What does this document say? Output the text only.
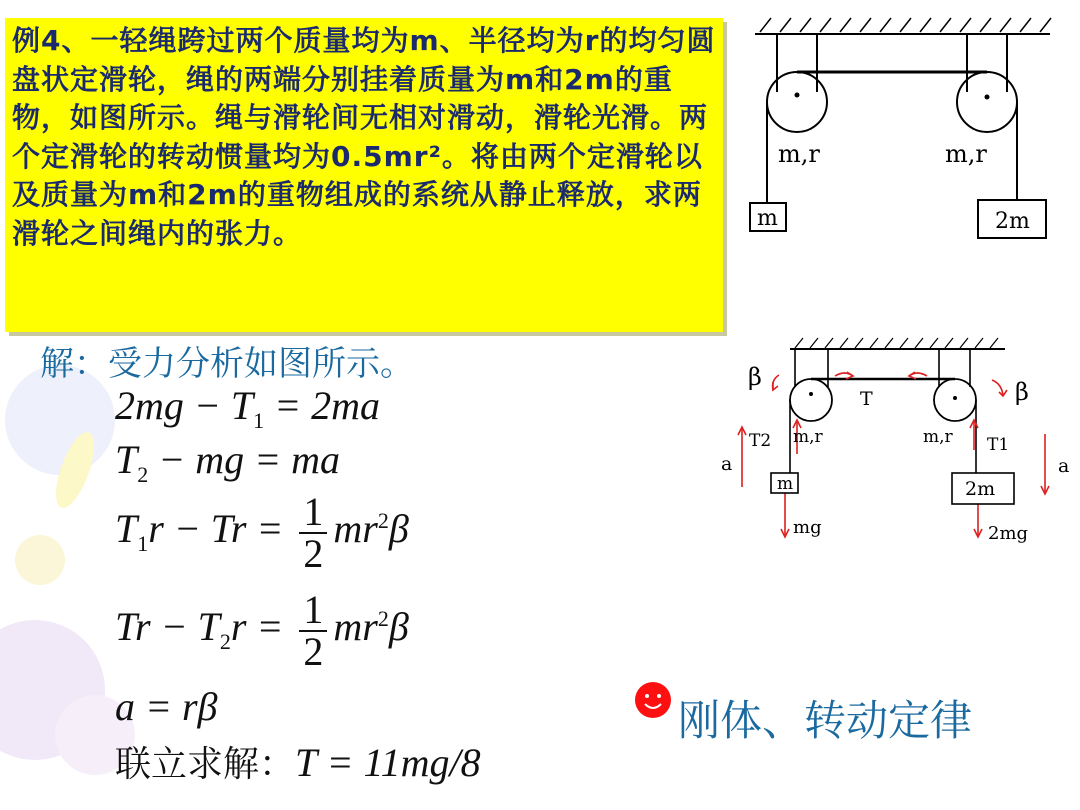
例4、一轻绳跨过两个质量均为m、半径均为r的均匀圆盘状定滑轮，绳的两端分别挂着质量为m和2m的重物，如图所示。绳与滑轮间无相对滑动，滑轮光滑。两个定滑轮的转动惯量均为0.5mr²。将由两个定滑轮以及质量为m和2m的重物组成的系统从静止释放，求两滑轮之间绳内的张力。

m,r	m,r
m	2m
β
β
T
T2	T1
m,r	m,r
a	a
m	2m
mg	2mg

解：受力分析如图所示。

$2mg - T_1 = 2ma$
$T_2$ − mg = ma
$T_1r - Tr = \frac{1}{2} mr^2\beta$
$Tr - T_2r = \frac{1}{2} mr^2\beta$
a = rβ

联立求解：T = 11mg/8

刚体、转动定律
